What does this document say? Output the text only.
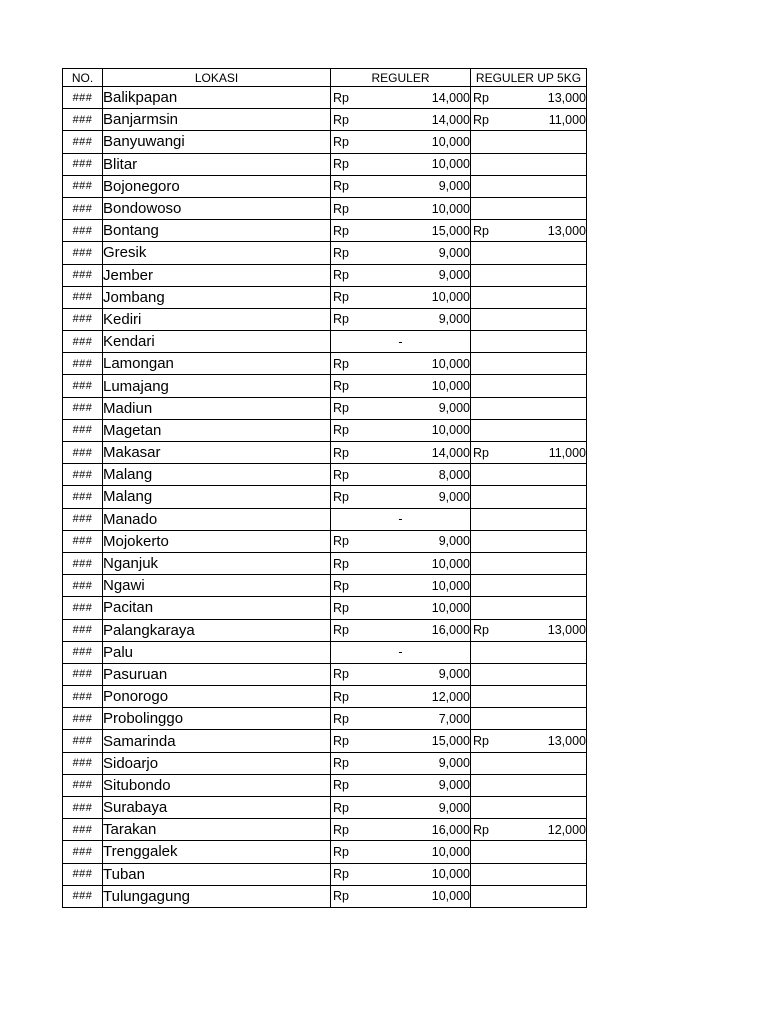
NO.	LOKASI	REGULER	REGULER UP 5KG
###	Balikpapan	Rp 14,000	Rp 13,000

###	Banjarmsin	Rp 14,000	Rp 11,000

###	Banyuwangi	Rp 10,000	

###	Blitar	Rp 10,000	

###	Bojonegoro	Rp 9,000	

###	Bondowoso	Rp 10,000	

###	Bontang	Rp 15,000	Rp 13,000

###	Gresik	Rp 9,000	

###	Jember	Rp 9,000	

###	Jombang	Rp 10,000	

###	Kediri	Rp 9,000	

###	Kendari	-	

###	Lamongan	Rp 10,000	

###	Lumajang	Rp 10,000	

###	Madiun	Rp 9,000	

###	Magetan	Rp 10,000	

###	Makasar	Rp 14,000	Rp 11,000

###	Malang	Rp 8,000	

###	Malang	Rp 9,000	

###	Manado	-	

###	Mojokerto	Rp 9,000	

###	Nganjuk	Rp 10,000	

###	Ngawi	Rp 10,000	

###	Pacitan	Rp 10,000	

###	Palangkaraya	Rp 16,000	Rp 13,000

###	Palu	-	

###	Pasuruan	Rp 9,000	

###	Ponorogo	Rp 12,000	

###	Probolinggo	Rp 7,000	

###	Samarinda	Rp 15,000	Rp 13,000

###	Sidoarjo	Rp 9,000	

###	Situbondo	Rp 9,000	

###	Surabaya	Rp 9,000	

###	Tarakan	Rp 16,000	Rp 12,000

###	Trenggalek	Rp 10,000	

###	Tuban	Rp 10,000	

###	Tulungagung	Rp 10,000	
